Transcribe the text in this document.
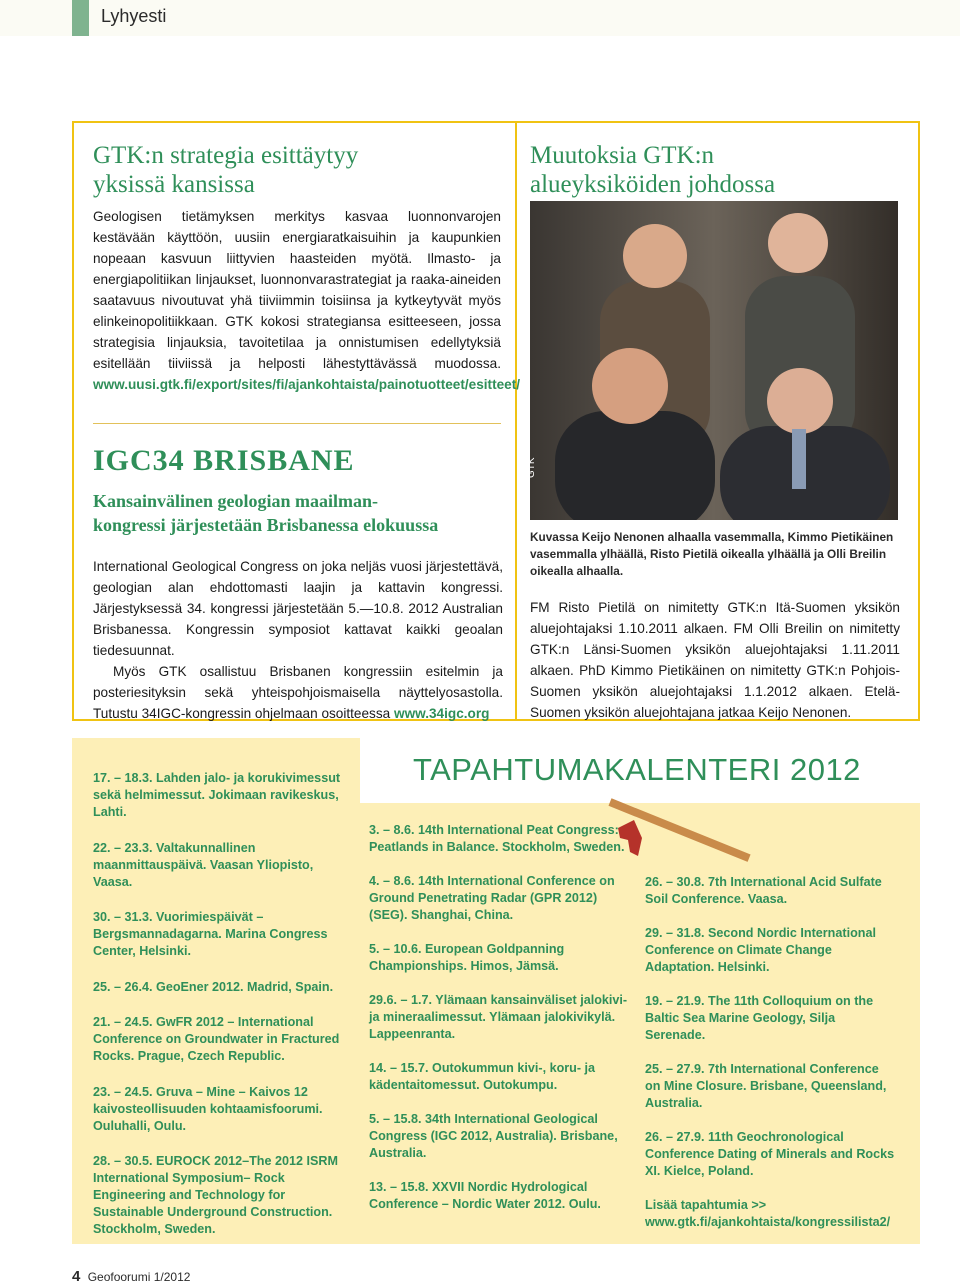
Lyhyesti
GTK:n strategia esittäytyy
yksissä kansissa
Geologisen tietämyksen merkitys kasvaa luonnonvarojen kestävään käyttöön, uusiin energiaratkaisuihin ja kaupunkien nopeaan kasvuun liittyvien haasteiden myötä. Ilmasto- ja energiapolitiikan linjaukset, luonnonvarastrategiat ja raaka-aineiden saatavuus nivoutuvat yhä tiiviimmin toisiinsa ja kytkeytyvät myös elinkeinopolitiikkaan. GTK kokosi strategiansa esitteeseen, jossa strategisia linjauksia, tavoitetilaa ja onnistumisen edellytyksiä esitellään tiiviissä ja helposti lähestyttävässä muodossa. www.uusi.gtk.fi/export/sites/fi/ajankohtaista/painotuotteet/esitteet/
IGC34 BRISBANE
Kansainvälinen geologian maailman-
kongressi järjestetään Brisbanessa elokuussa

International Geological Congress on joka neljäs vuosi järjestettävä, geologian alan ehdottomasti laajin ja kattavin kongressi. Järjestyksessä 34. kongressi järjestetään 5.—10.8. 2012 Australian Brisbanessa. Kongressin symposiot kattavat kaikki geoalan tiedesuunnat.

Myös GTK osallistuu Brisbanen kongressiin esitelmin ja posteriesityksin sekä yhteispohjoismaisella näyttelyosastolla. Tutustu 34IGC-kongressin ohjelmaan osoitteessa www.34igc.org

Muutoksia GTK:n
alueyksiköiden johdossa
GTK
Kuvassa Keijo Nenonen alhaalla vasemmalla, Kimmo Pietikäinen vasemmalla ylhäällä, Risto Pietilä oikealla ylhäällä ja Olli Breilin oikealla alhaalla.
FM Risto Pietilä on nimitetty GTK:n Itä-Suomen yksikön aluejohtajaksi 1.10.2011 alkaen. FM Olli Breilin on nimitetty GTK:n Länsi-Suomen yksikön aluejohtajaksi 1.11.2011 alkaen. PhD Kimmo Pietikäinen on nimitetty GTK:n Pohjois-Suomen yksikön aluejohtajaksi 1.1.2012 alkaen. Etelä-Suomen yksikön aluejohtajana jatkaa Keijo Nenonen.
TAPAHTUMAKALENTERI 2012
17. – 18.3. Lahden jalo- ja korukivimessut sekä helmimessut. Jokimaan ravikeskus, Lahti.
22. – 23.3. Valtakunnallinen maanmittauspäivä. Vaasan Yliopisto, Vaasa.
30. – 31.3. Vuorimiespäivät – Bergsmannadagarna. Marina Congress Center, Helsinki.
25. – 26.4. GeoEner 2012. Madrid, Spain.
21. – 24.5. GwFR 2012 – International Conference on Groundwater in Fractured Rocks. Prague, Czech Republic.
23. – 24.5. Gruva – Mine – Kaivos 12 kaivosteollisuuden kohtaamisfoorumi. Ouluhalli, Oulu.
28. – 30.5. EUROCK 2012–The 2012 ISRM International Symposium– Rock Engineering and Technology for Sustainable Underground Construction. Stockholm, Sweden.
3. – 8.6. 14th International Peat Congress: Peatlands in Balance. Stockholm, Sweden.
4. – 8.6. 14th International Conference on Ground Penetrating Radar (GPR 2012) (SEG). Shanghai, China.
5. – 10.6. European Goldpanning Championships. Himos, Jämsä.
29.6. – 1.7. Ylämaan kansainväliset jalokivi- ja mineraalimessut. Ylämaan jalokivikylä. Lappeenranta.
14. – 15.7. Outokummun kivi-, koru- ja kädentaitomessut. Outokumpu.
5. – 15.8. 34th International Geological Congress (IGC 2012, Australia). Brisbane, Australia.
13. – 15.8. XXVII Nordic Hydrological Conference – Nordic Water 2012. Oulu.
26. – 30.8. 7th International Acid Sulfate Soil Conference. Vaasa.
29. – 31.8. Second Nordic International Conference on Climate Change Adaptation. Helsinki.
19. – 21.9. The 11th Colloquium on the Baltic Sea Marine Geology, Silja Serenade.
25. – 27.9. 7th International Conference on Mine Closure. Brisbane, Queensland, Australia.
26. – 27.9. 11th Geochronological Conference Dating of Minerals and Rocks XI. Kielce, Poland.
Lisää tapahtumia >> www.gtk.fi/ajankohtaista/kongressilista2/
4 Geofoorumi 1/2012
